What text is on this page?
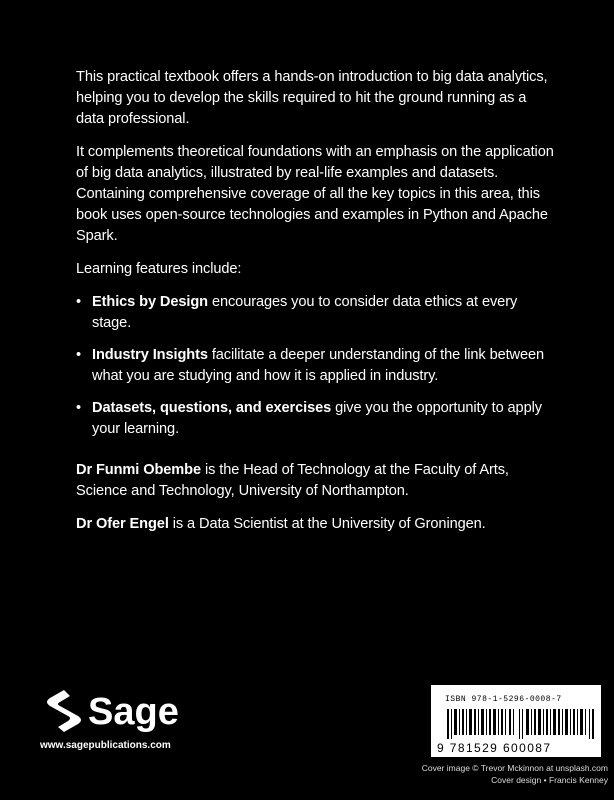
This practical textbook offers a hands-on introduction to big data analytics, helping you to develop the skills required to hit the ground running as a data professional.

It complements theoretical foundations with an emphasis on the application of big data analytics, illustrated by real-life examples and datasets. Containing comprehensive coverage of all the key topics in this area, this book uses open-source technologies and examples in Python and Apache Spark.

Learning features include:

• Ethics by Design encourages you to consider data ethics at every stage.
• Industry Insights facilitate a deeper understanding of the link between what you are studying and how it is applied in industry.
• Datasets, questions, and exercises give you the opportunity to apply your learning.

Dr Funmi Obembe is the Head of Technology at the Faculty of Arts, Science and Technology, University of Northampton.

Dr Ofer Engel is a Data Scientist at the University of Groningen.

Sage
www.sagepublications.com
ISBN 978-1-5296-0008-7
9 781529 600087
Cover image © Trevor Mckinnon at unsplash.com
Cover design • Francis Kenney
